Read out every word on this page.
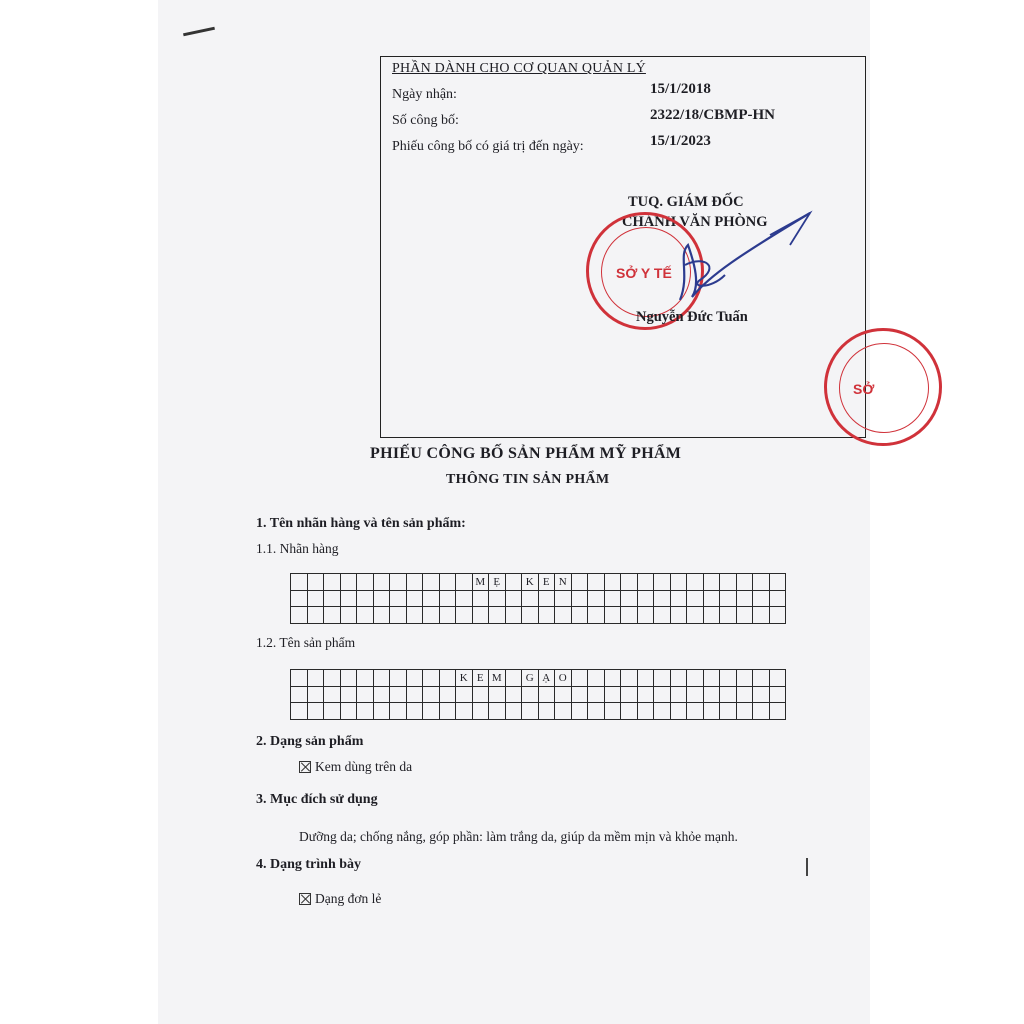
PHẦN DÀNH CHO CƠ QUAN QUẢN LÝ
Ngày nhận:	15/1/2018
Số công bố:	2322/18/CBMP-HN
Phiếu công bố có giá trị đến ngày:	15/1/2023
TUQ. GIÁM ĐỐC
CHÁNH VĂN PHÒNG
SỞ Y TẾ
Nguyễn Đức Tuấn
SỞ
PHIẾU CÔNG BỐ SẢN PHẨM MỸ PHẨM
THÔNG TIN SẢN PHẨM
1. Tên nhãn hàng và tên sản phẩm:
1.1. Nhãn hàng
											M	Ẹ		K	E	N													

1.2. Tên sản phẩm
										K	E	M		G	Ạ	O													

2. Dạng sản phẩm
Kem dùng trên da
3. Mục đích sử dụng
Dưỡng da; chống nắng, góp phần: làm trắng da, giúp da mềm mịn và khỏe mạnh.
4. Dạng trình bày
Dạng đơn lẻ
